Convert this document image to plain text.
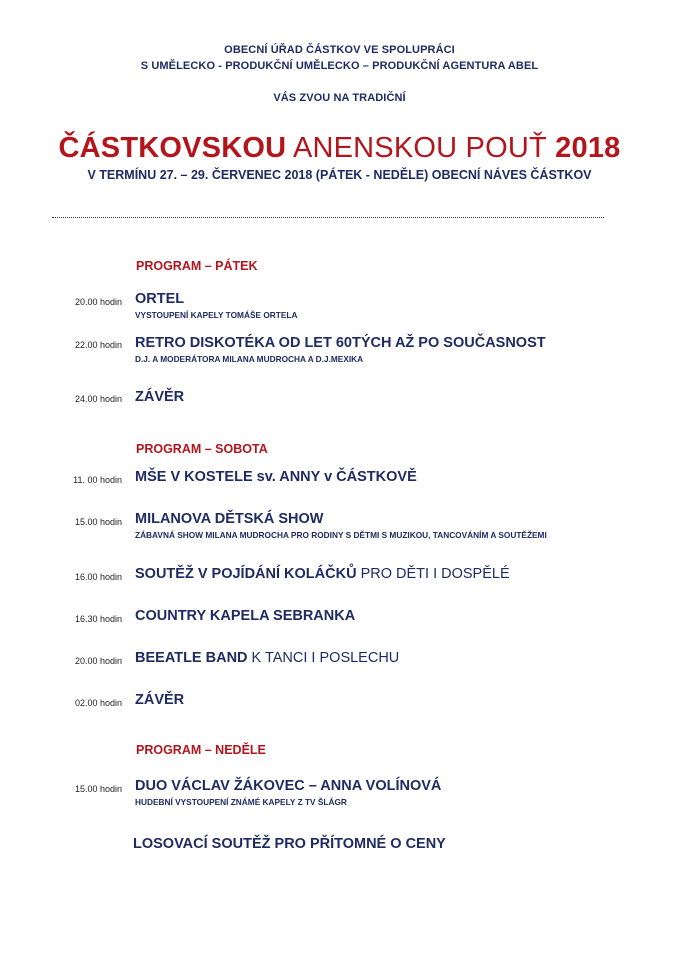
OBECNÍ ÚŘAD ČÁSTKOV VE SPOLUPRÁCI
S UMĚLECKO - PRODUKČNÍ UMĚLECKO – PRODUKČNÍ AGENTURA ABEL
VÁS ZVOU NA TRADIČNÍ
ČÁSTKOVSKOU ANENSKOU POUŤ 2018
V TERMÍNU 27. – 29. ČERVENEC 2018 (PÁTEK - NEDĚLE) OBECNÍ NÁVES ČÁSTKOV
PROGRAM – PÁTEK
20.00 hodin ORTEL
VYSTOUPENÍ KAPELY TOMÁŠE ORTELA
22.00 hodin RETRO DISKOTÉKA OD LET 60TÝCH AŽ PO SOUČASNOST
D.J. A MODERÁTORA MILANA MUDROCHA A D.J.MEXIKA
24.00 hodin ZÁVĚR
PROGRAM – SOBOTA
11. 00 hodin MŠE V KOSTELE sv. ANNY v ČÁSTKOVĚ
15.00 hodin MILANOVA DĚTSKÁ SHOW
ZÁBAVNÁ SHOW MILANA MUDROCHA PRO RODINY S DĚTMI S MUZIKOU, TANCOVÁNÍM A SOUTĚŽEMI
16.00 hodin SOUTĚŽ V POJÍDÁNÍ KOLÁČKŮ PRO DĚTI I DOSPĚLÉ
16.30 hodin COUNTRY KAPELA SEBRANKA
20.00 hodin BEEATLE BAND K TANCI I POSLECHU
02.00 hodin ZÁVĚR
PROGRAM – NEDĚLE
15.00 hodin DUO VÁCLAV ŽÁKOVEC – ANNA VOLÍNOVÁ
HUDEBNÍ VYSTOUPENÍ ZNÁMÉ KAPELY Z TV ŠLÁGR
LOSOVACÍ SOUTĚŽ PRO PŘÍTOMNÉ O CENY
